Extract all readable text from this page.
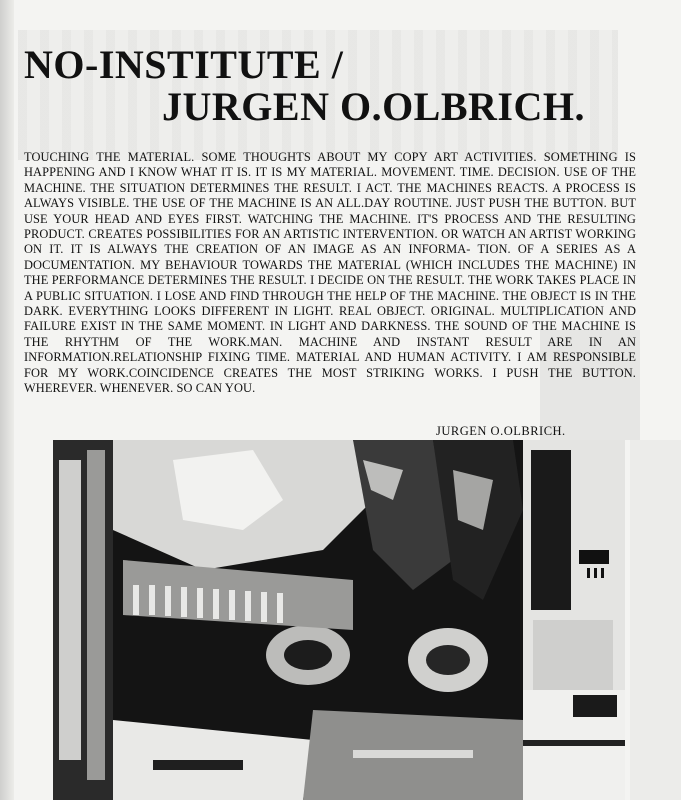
NO-INSTITUTE /
JURGEN O.OLBRICH.

TOUCHING THE MATERIAL. SOME THOUGHTS ABOUT MY COPY ART ACTIVITIES. SOMETHING IS HAPPENING AND I KNOW WHAT IT IS. IT IS MY MATERIAL. MOVEMENT. TIME. DECISION. USE OF THE MACHINE. THE SITUATION DETERMINES THE RESULT. I ACT. THE MACHINES REACTS. A PROCESS IS ALWAYS VISIBLE. THE USE OF THE MACHINE IS AN ALL.DAY ROUTINE. JUST PUSH THE BUTTON. BUT USE YOUR HEAD AND EYES FIRST. WATCHING THE MACHINE. IT'S PROCESS AND THE RESULTING PRODUCT. CREATES POSSIBILITIES FOR AN ARTISTIC INTERVENTION. OR WATCH AN ARTIST WORKING ON IT. IT IS ALWAYS THE CREATION OF AN IMAGE AS AN INFORMA- TION. OF A SERIES AS A DOCUMENTATION. MY BEHAVIOUR TOWARDS THE MATERIAL (WHICH INCLUDES THE MACHINE) IN THE PERFORMANCE DETERMINES THE RESULT. I DECIDE ON THE RESULT. THE WORK TAKES PLACE IN A PUBLIC SITUATION. I LOSE AND FIND THROUGH THE HELP OF THE MACHINE. THE OBJECT IS IN THE DARK. EVERYTHING LOOKS DIFFERENT IN LIGHT. REAL OBJECT. ORIGINAL. MULTIPLICATION AND FAILURE EXIST IN THE SAME MOMENT. IN LIGHT AND DARKNESS. THE SOUND OF THE MACHINE IS THE RHYTHM OF THE WORK.MAN. MACHINE AND INSTANT RESULT ARE IN AN INFORMATION.RELATIONSHIP FIXING TIME. MATERIAL AND HUMAN ACTIVITY. I AM RESPONSIBLE FOR MY WORK.COINCIDENCE CREATES THE MOST STRIKING WORKS. I PUSH THE BUTTON. WHEREVER. WHENEVER. SO CAN YOU.

JURGEN O.OLBRICH.
